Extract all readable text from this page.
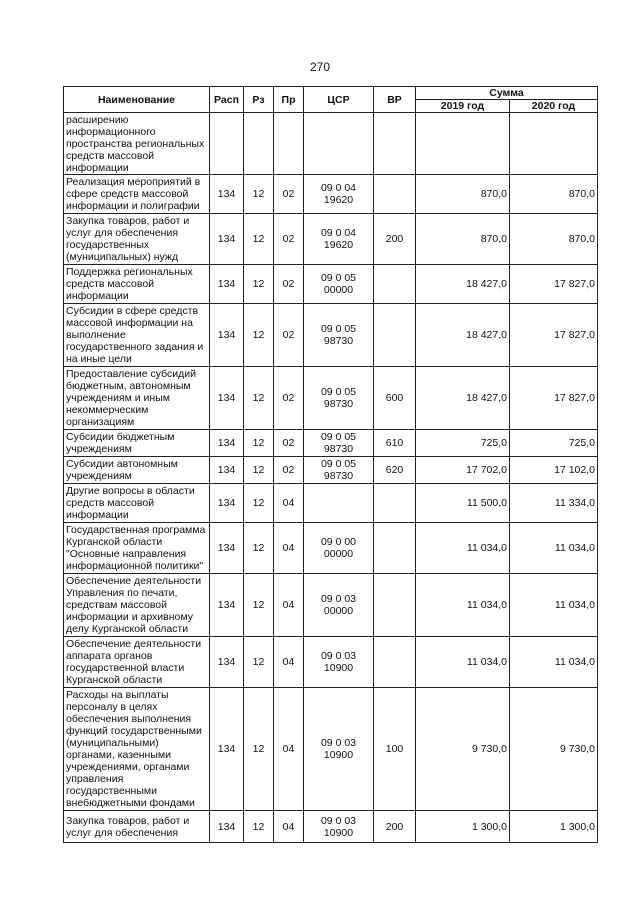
270
Наименование	Расп	Рз	Пр	ЦСР	ВР	Сумма	
						2019 год	2020 год
расширению информационного пространства региональных средств массовой информации							
Реализация мероприятий в сфере средств массовой информации и полиграфии	134	12	02	09 0 04 19620		870,0	870,0
Закупка товаров, работ и услуг для обеспечения государственных (муниципальных) нужд	134	12	02	09 0 04 19620	200	870,0	870,0
Поддержка региональных средств массовой информации	134	12	02	09 0 05 00000		18 427,0	17 827,0
Субсидии в сфере средств массовой информации на выполнение государственного задания и на иные цели	134	12	02	09 0 05 98730		18 427,0	17 827,0
Предоставление субсидий бюджетным, автономным учреждениям и иным некоммерческим организациям	134	12	02	09 0 05 98730	600	18 427,0	17 827,0
Субсидии бюджетным учреждениям	134	12	02	09 0 05 98730	610	725,0	725,0
Субсидии автономным учреждениям	134	12	02	09 0 05 98730	620	17 702,0	17 102,0
Другие вопросы в области средств массовой информации	134	12	04			11 500,0	11 334,0
Государственная программа Курганской области "Основные направления информационной политики"	134	12	04	09 0 00 00000		11 034,0	11 034,0
Обеспечение деятельности Управления по печати, средствам массовой информации и архивному делу Курганской области	134	12	04	09 0 03 00000		11 034,0	11 034,0
Обеспечение деятельности аппарата органов государственной власти Курганской области	134	12	04	09 0 03 10900		11 034,0	11 034,0
Расходы на выплаты персоналу в целях обеспечения выполнения функций государственными (муниципальными) органами, казенными учреждениями, органами управления государственными внебюджетными фондами	134	12	04	09 0 03 10900	100	9 730,0	9 730,0
Закупка товаров, работ и услуг для обеспечения	134	12	04	09 0 03 10900	200	1 300,0	1 300,0
